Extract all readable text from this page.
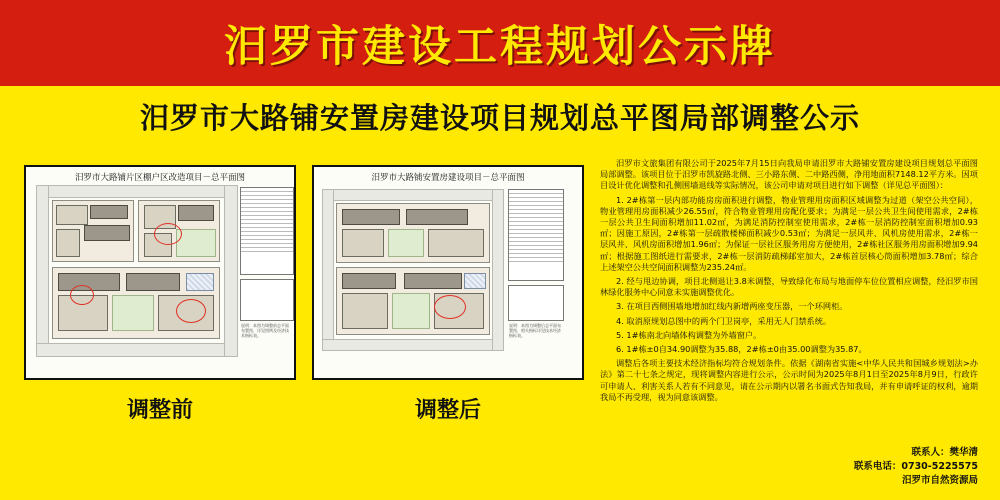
汨罗市建设工程规划公示牌
汨罗市大路铺安置房建设项目规划总平图局部调整公示
说明：本图为调整前总平面布置图，详见图例及经济技术指标表。
汨罗市大路铺片区棚户区改造项目－总平面图
说明：本图为调整后总平面布置图，相关指标详见技术经济指标表。
汨罗市大路铺安置房建设项目－总平面图
调整前	调整后

汨罗市文旅集团有限公司于2025年7月15日向我局申请汨罗市大路铺安置房建设项目规划总平面图局部调整。该项目位于汨罗市凯旋路北侧、三小路东侧、二中路西侧，净用地面积7148.12平方米。因项目设计优化调整和孔侧围墙退线等实际情况，该公司申请对项目进行如下调整（详见总平面图）：

1. 2#栋第一层内部功能房房面积进行调整，物业管理用房面积区域调整为过道（架空公共空间），物业管理用房面积减少26.55㎡，符合物业管理用房配化要求；为满足一层公共卫生间使用需求，2#栋一层公共卫生间面积增加11.02㎡，为满足消防控制室使用需求，2#栋一层消防控制室面积增加0.93㎡；因施工原因，2#栋第一层疏散楼梯面积减少0.53㎡；为满足一层风井、风机房使用需求，2#栋一层风井、风机房面积增加1.96㎡；为保证一层社区服务用房方便使用，2#栋社区服务用房面积增加9.94㎡；根据施工图纸进行需要求，2#栋一层消防疏梯邮室加大，2#栋首层核心筒面积增加3.78㎡；综合上述架空公共空间面积调整为235.24㎡。

2. 经与甩边协调，项目北侧退让3.8米调整，导致绿化布局与地面停车位位置相应调整，经汨罗市国林绿化服务中心同意未实施调整优化。

3. 在项目西侧围墙地增加红线内新增两座变压器，一个环网柜。

4. 取消原规划总图中的两个门卫岗亭，采用无人门禁系统。

5. 1#栋南北向墙体构调整为外墙窗户。

6. 1#栋±0自34.90调整为35.88，2#栋±0由35.00调整为35.87。

调整后各项主要技术经济指标均符合规划条件。依据《湖南省实施<中华人民共和国城乡规划法>办法》第二十七条之规定，现将调整内容进行公示，公示时间为2025年8月1日至2025年8月9日，行政许可申请人、利害关系人若有不同意见，请在公示期内以署名书面式告知我局，并有申请呼证的权利，逾期我局不再受理，视为同意该调整。

联系人：樊华清
联系电话：0730-5225575
汨罗市自然资源局
